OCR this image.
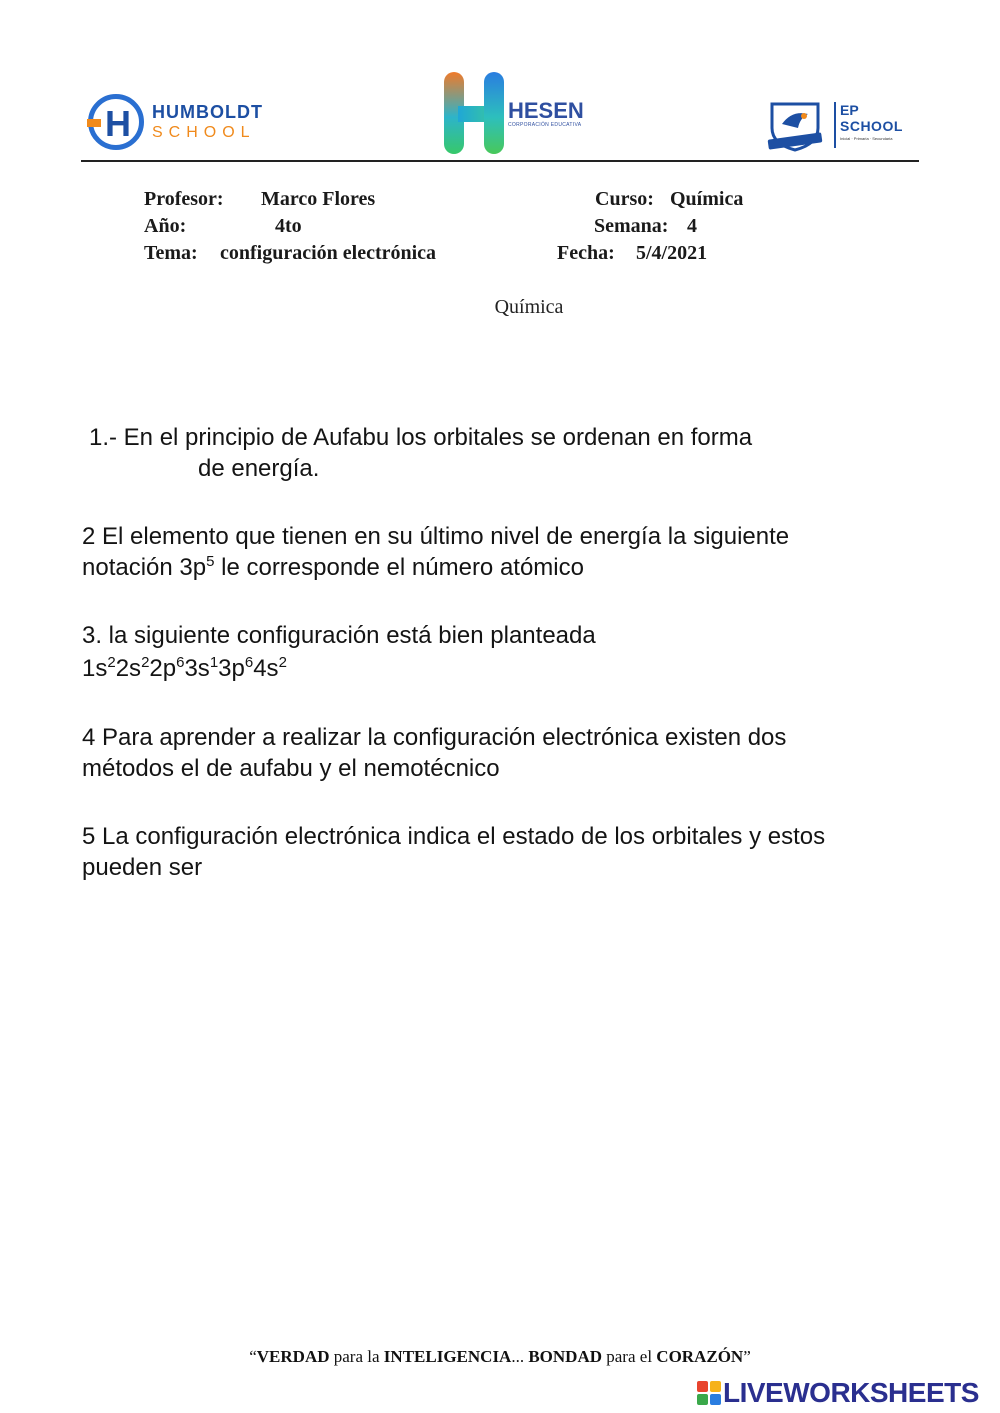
H HUMBOLDT
SCHOOL
HESEN
CORPORACIÓN EDUCATIVA
EP
SCHOOL
Inicial · Primaria · Secundaria
Profesor: Marco Flores	Curso: Química
Año:	4to	Semana: 4
Tema: configuración electrónica	Fecha: 5/4/2021
Química
1.- En el principio de Aufabu los orbitales se ordenan en forma
de energía.
2 El elemento que tienen en su último nivel de energía la siguiente
notación $3p^5$ le corresponde el número atómico
3. la siguiente configuración está bien planteada
$1s^22s^22p^63s^13p^64s^2$
4 Para aprender a realizar la configuración electrónica existen dos
métodos el de aufabu y el nemotécnico
5 La configuración electrónica indica el estado de los orbitales y estos
pueden ser
“VERDAD para la INTELIGENCIA... BONDAD para el CORAZÓN”
LIVEWORKSHEETS
